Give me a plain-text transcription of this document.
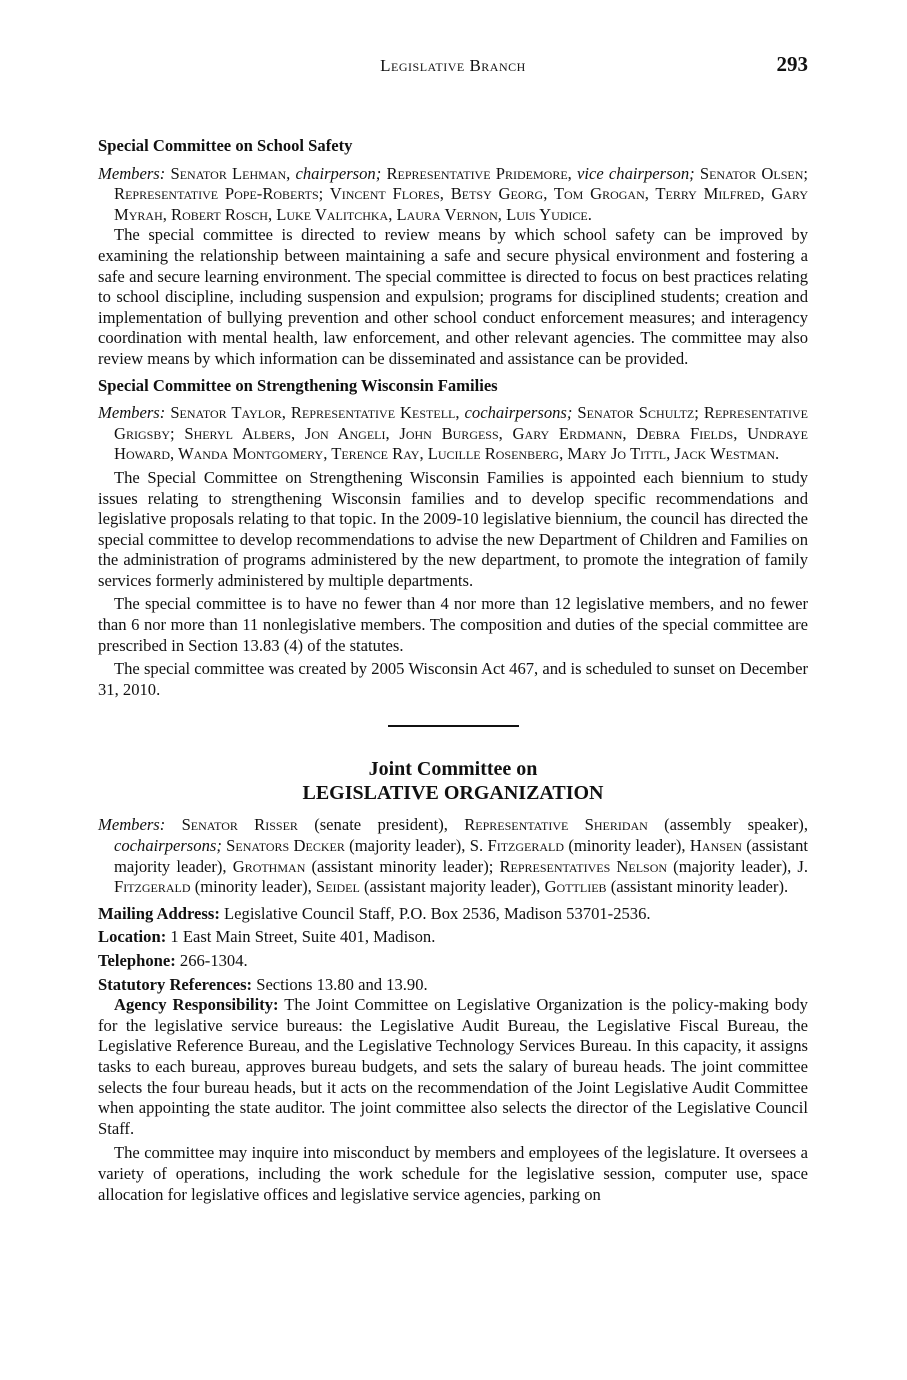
Legislative Branch	293

Special Committee on School Safety

Members: Senator Lehman, chairperson; Representative Pridemore, vice chairperson; Senator Olsen; Representative Pope-Roberts; Vincent Flores, Betsy Georg, Tom Grogan, Terry Milfred, Gary Myrah, Robert Rosch, Luke Valitchka, Laura Vernon, Luis Yudice.

The special committee is directed to review means by which school safety can be improved by examining the relationship between maintaining a safe and secure physical environment and fostering a safe and secure learning environment. The special committee is directed to focus on best practices relating to school discipline, including suspension and expulsion; programs for disciplined students; creation and implementation of bullying prevention and other school conduct enforcement measures; and interagency coordination with mental health, law enforcement, and other relevant agencies. The committee may also review means by which information can be disseminated and assistance can be provided.

Special Committee on Strengthening Wisconsin Families

Members: Senator Taylor, Representative Kestell, cochairpersons; Senator Schultz; Representative Grigsby; Sheryl Albers, Jon Angeli, John Burgess, Gary Erdmann, Debra Fields, Undraye Howard, Wanda Montgomery, Terence Ray, Lucille Rosenberg, Mary Jo Tittl, Jack Westman.

The Special Committee on Strengthening Wisconsin Families is appointed each biennium to study issues relating to strengthening Wisconsin families and to develop specific recommendations and legislative proposals relating to that topic. In the 2009-10 legislative biennium, the council has directed the special committee to develop recommendations to advise the new Department of Children and Families on the administration of programs administered by the new department, to promote the integration of family services formerly administered by multiple departments.

The special committee is to have no fewer than 4 nor more than 12 legislative members, and no fewer than 6 nor more than 11 nonlegislative members. The composition and duties of the special committee are prescribed in Section 13.83 (4) of the statutes.

The special committee was created by 2005 Wisconsin Act 467, and is scheduled to sunset on December 31, 2010.

Joint Committee on
LEGISLATIVE ORGANIZATION

Members: Senator Risser (senate president), Representative Sheridan (assembly speaker), cochairpersons; Senators Decker (majority leader), S. Fitzgerald (minority leader), Hansen (assistant majority leader), Grothman (assistant minority leader); Representatives Nelson (majority leader), J. Fitzgerald (minority leader), Seidel (assistant majority leader), Gottlieb (assistant minority leader).

Mailing Address: Legislative Council Staff, P.O. Box 2536, Madison 53701-2536.

Location: 1 East Main Street, Suite 401, Madison.

Telephone: 266-1304.

Statutory References: Sections 13.80 and 13.90.

Agency Responsibility: The Joint Committee on Legislative Organization is the policy-making body for the legislative service bureaus: the Legislative Audit Bureau, the Legislative Fiscal Bureau, the Legislative Reference Bureau, and the Legislative Technology Services Bureau. In this capacity, it assigns tasks to each bureau, approves bureau budgets, and sets the salary of bureau heads. The joint committee selects the four bureau heads, but it acts on the recommendation of the Joint Legislative Audit Committee when appointing the state auditor. The joint committee also selects the director of the Legislative Council Staff.

The committee may inquire into misconduct by members and employees of the legislature. It oversees a variety of operations, including the work schedule for the legislative session, computer use, space allocation for legislative offices and legislative service agencies, parking on
